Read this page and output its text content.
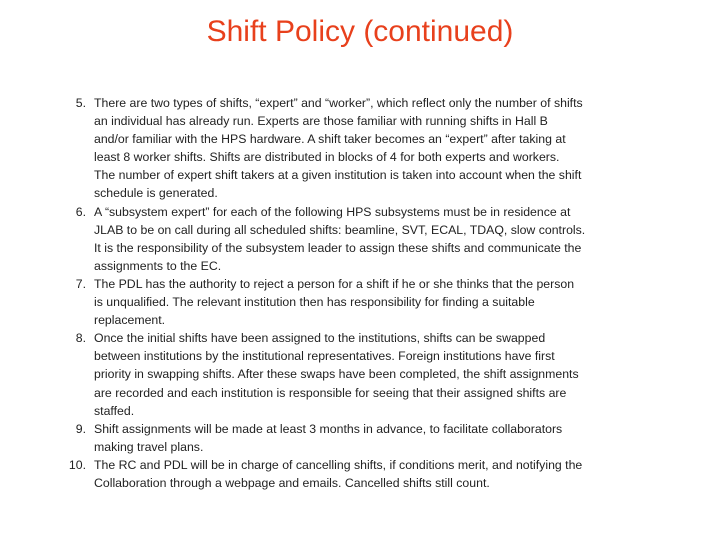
Shift Policy (continued)
5. There are two types of shifts, “expert” and “worker”, which reflect only the number of shifts
an individual has already run. Experts are those familiar with running shifts in Hall B
and/or familiar with the HPS hardware. A shift taker becomes an “expert” after taking at
least 8 worker shifts. Shifts are distributed in blocks of 4 for both experts and workers.
The number of expert shift takers at a given institution is taken into account when the shift
schedule is generated.
6. A “subsystem expert” for each of the following HPS subsystems must be in residence at
JLAB to be on call during all scheduled shifts: beamline, SVT, ECAL, TDAQ, slow controls.
It is the responsibility of the subsystem leader to assign these shifts and communicate the
assignments to the EC.
7. The PDL has the authority to reject a person for a shift if he or she thinks that the person
is unqualified. The relevant institution then has responsibility for finding a suitable
replacement.
8. Once the initial shifts have been assigned to the institutions, shifts can be swapped
between institutions by the institutional representatives. Foreign institutions have first
priority in swapping shifts. After these swaps have been completed, the shift assignments
are recorded and each institution is responsible for seeing that their assigned shifts are
staffed.
9. Shift assignments will be made at least 3 months in advance, to facilitate collaborators
making travel plans.
10. The RC and PDL will be in charge of cancelling shifts, if conditions merit, and notifying the
Collaboration through a webpage and emails. Cancelled shifts still count.
